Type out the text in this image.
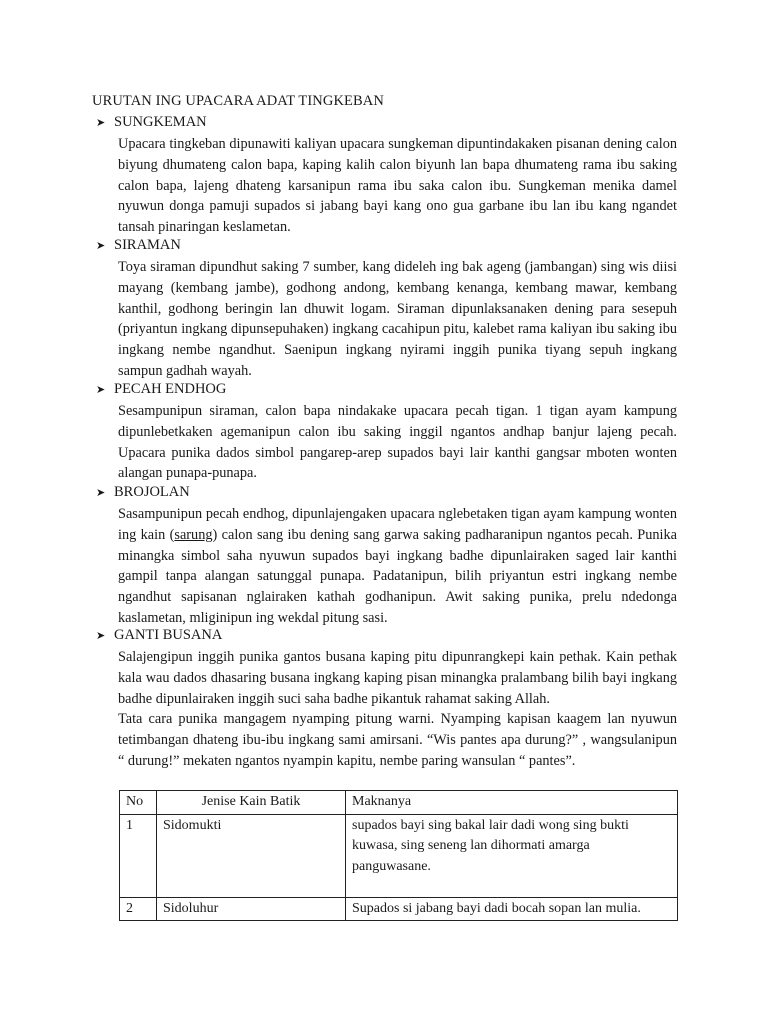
URUTAN ING UPACARA ADAT TINGKEBAN
➤ SUNGKEMAN

Upacara tingkeban dipunawiti kaliyan upacara sungkeman dipuntindakaken pisanan dening calon biyung dhumateng calon bapa, kaping kalih calon biyunh lan bapa dhumateng rama ibu saking calon bapa, lajeng dhateng karsanipun rama ibu saka calon ibu. Sungkeman menika damel nyuwun donga pamuji supados si jabang bayi kang ono gua garbane ibu lan ibu kang ngandet tansah pinaringan keslametan.

➤ SIRAMAN

Toya siraman dipundhut saking 7 sumber, kang dideleh ing bak ageng (jambangan) sing wis diisi mayang (kembang jambe), godhong andong, kembang kenanga, kembang mawar, kembang kanthil, godhong beringin lan dhuwit logam. Siraman dipunlaksanaken dening para sesepuh (priyantun ingkang dipunsepuhaken) ingkang cacahipun pitu, kalebet rama kaliyan ibu saking ibu ingkang nembe ngandhut. Saenipun ingkang nyirami inggih punika tiyang sepuh ingkang sampun gadhah wayah.

➤ PECAH ENDHOG

Sesampunipun siraman, calon bapa nindakake upacara pecah tigan. 1 tigan ayam kampung dipunlebetkaken agemanipun calon ibu saking inggil ngantos andhap banjur lajeng pecah. Upacara punika dados simbol pangarep-arep supados bayi lair kanthi gangsar mboten wonten alangan punapa-punapa.

➤ BROJOLAN

Sasampunipun pecah endhog, dipunlajengaken upacara nglebetaken tigan ayam kampung wonten ing kain (sarung) calon sang ibu dening sang garwa saking padharanipun ngantos pecah. Punika minangka simbol saha nyuwun supados bayi ingkang badhe dipunlairaken saged lair kanthi gampil tanpa alangan satunggal punapa. Padatanipun, bilih priyantun estri ingkang nembe ngandhut sapisanan nglairaken kathah godhanipun. Awit saking punika, prelu ndedonga kaslametan, mliginipun ing wekdal pitung sasi.

➤ GANTI BUSANA

Salajengipun inggih punika gantos busana kaping pitu dipunrangkepi kain pethak. Kain pethak kala wau dados dhasaring busana ingkang kaping pisan minangka pralambang bilih bayi ingkang badhe dipunlairaken inggih suci saha badhe pikantuk rahamat saking Allah.

Tata cara punika mangagem nyamping pitung warni. Nyamping kapisan kaagem lan nyuwun tetimbangan dhateng ibu-ibu ingkang sami amirsani. “Wis pantes apa durung?” , wangsulanipun “ durung!” mekaten ngantos nyampin kapitu, nembe paring wansulan “ pantes”.

No	Jenise Kain Batik	Maknanya
1	Sidomukti	supados bayi sing bakal lair dadi wong sing bukti kuwasa, sing seneng lan dihormati amarga panguwasane.
2	Sidoluhur	Supados si jabang bayi dadi bocah sopan lan mulia.
